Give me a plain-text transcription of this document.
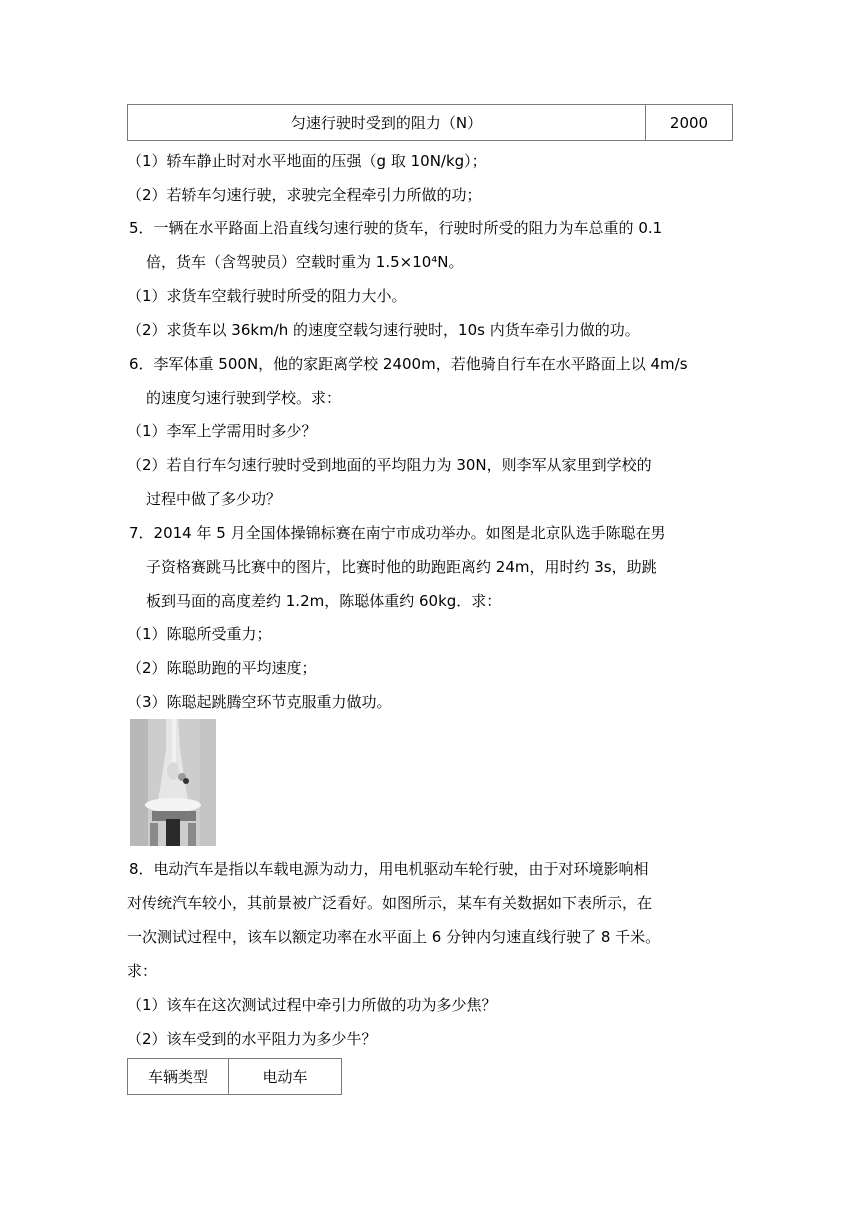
匀速行驶时受到的阻力（N）	2000
（1）轿车静止时对水平地面的压强（g 取 10N/kg）；
（2）若轿车匀速行驶，求驶完全程牵引力所做的功；
5．一辆在水平路面上沿直线匀速行驶的货车，行驶时所受的阻力为车总重的 0.1
倍，货车（含驾驶员）空载时重为 1.5×10⁴N。
（1）求货车空载行驶时所受的阻力大小。
（2）求货车以 36km/h 的速度空载匀速行驶时，10s 内货车牵引力做的功。
6．李军体重 500N，他的家距离学校 2400m，若他骑自行车在水平路面上以 4m/s
的速度匀速行驶到学校。求：
（1）李军上学需用时多少？
（2）若自行车匀速行驶时受到地面的平均阻力为 30N，则李军从家里到学校的
过程中做了多少功？
7．2014 年 5 月全国体操锦标赛在南宁市成功举办。如图是北京队选手陈聪在男
子资格赛跳马比赛中的图片，比赛时他的助跑距离约 24m，用时约 3s，助跳
板到马面的高度差约 1.2m，陈聪体重约 60kg．求：
（1）陈聪所受重力；
（2）陈聪助跑的平均速度；
（3）陈聪起跳腾空环节克服重力做功。
8．电动汽车是指以车载电源为动力，用电机驱动车轮行驶，由于对环境影响相
对传统汽车较小，其前景被广泛看好。如图所示，某车有关数据如下表所示，在
一次测试过程中，该车以额定功率在水平面上 6 分钟内匀速直线行驶了 8 千米。
求：
（1）该车在这次测试过程中牵引力所做的功为多少焦？
（2）该车受到的水平阻力为多少牛？
车辆类型	电动车
